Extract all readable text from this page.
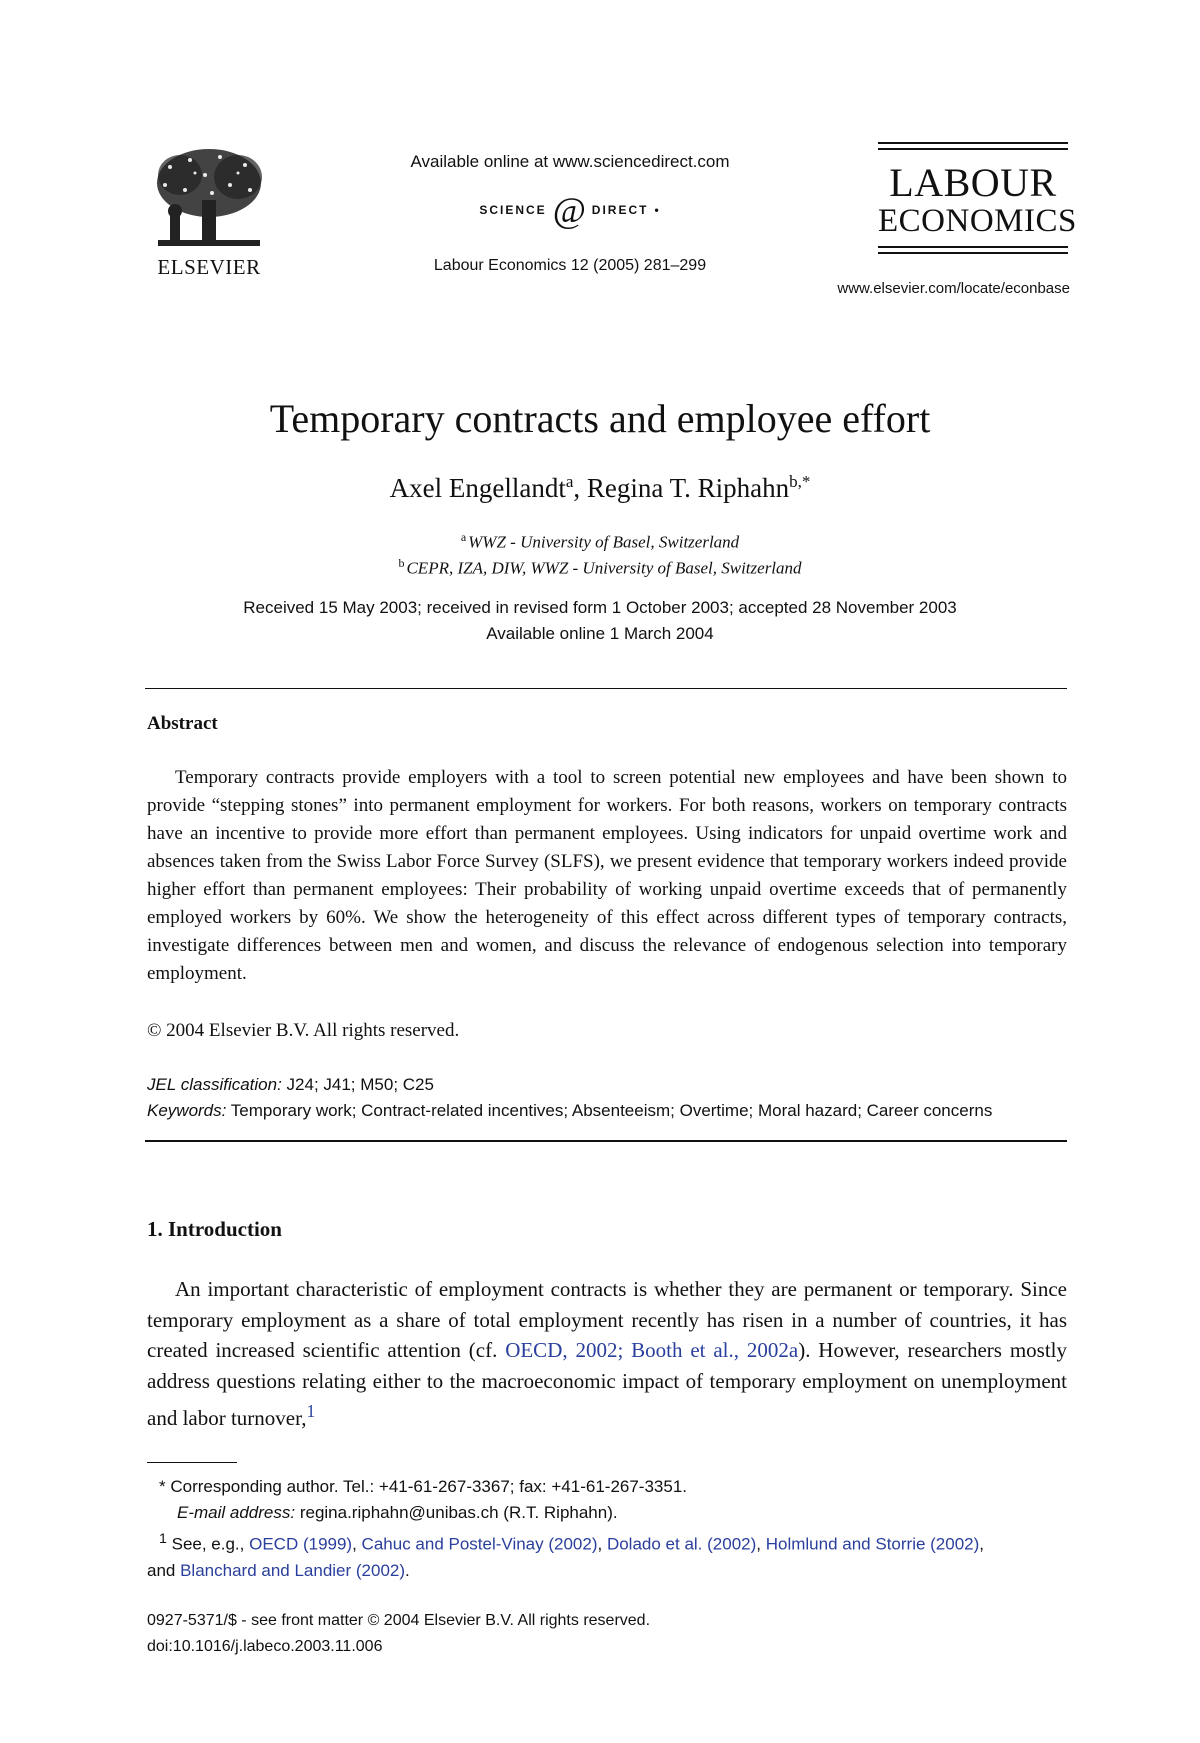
ELSEVIER
Available online at www.sciencedirect.com
SCIENCE @ DIRECT •
Labour Economics 12 (2005) 281–299
LABOUR
ECONOMICS
www.elsevier.com/locate/econbase
Temporary contracts and employee effort
Axel Engellandt$^a$, Regina T. Riphahn$^{b,*}$
$^a$ WWZ - University of Basel, Switzerland
$^b$ CEPR, IZA, DIW, WWZ - University of Basel, Switzerland
Received 15 May 2003; received in revised form 1 October 2003; accepted 28 November 2003
Available online 1 March 2004
Abstract

Temporary contracts provide employers with a tool to screen potential new employees and have been shown to provide “stepping stones” into permanent employment for workers. For both reasons, workers on temporary contracts have an incentive to provide more effort than permanent employees. Using indicators for unpaid overtime work and absences taken from the Swiss Labor Force Survey (SLFS), we present evidence that temporary workers indeed provide higher effort than permanent employees: Their probability of working unpaid overtime exceeds that of permanently employed workers by 60%. We show the heterogeneity of this effect across different types of temporary contracts, investigate differences between men and women, and discuss the relevance of endogenous selection into temporary employment.

© 2004 Elsevier B.V. All rights reserved.
JEL classification: J24; J41; M50; C25
Keywords: Temporary work; Contract-related incentives; Absenteeism; Overtime; Moral hazard; Career concerns
1. Introduction

An important characteristic of employment contracts is whether they are permanent or temporary. Since temporary employment as a share of total employment recently has risen in a number of countries, it has created increased scientific attention (cf. OECD, 2002; Booth et al., 2002a). However, researchers mostly address questions relating either to the macroeconomic impact of temporary employment on unemployment and labor turnover,$^1$

* Corresponding author. Tel.: +41-61-267-3367; fax: +41-61-267-3351.
E-mail address: regina.riphahn@unibas.ch (R.T. Riphahn).
$^1$ See, e.g., OECD (1999), Cahuc and Postel-Vinay (2002), Dolado et al. (2002), Holmlund and Storrie (2002),
and Blanchard and Landier (2002).
0927-5371/$ - see front matter © 2004 Elsevier B.V. All rights reserved.
doi:10.1016/j.labeco.2003.11.006
